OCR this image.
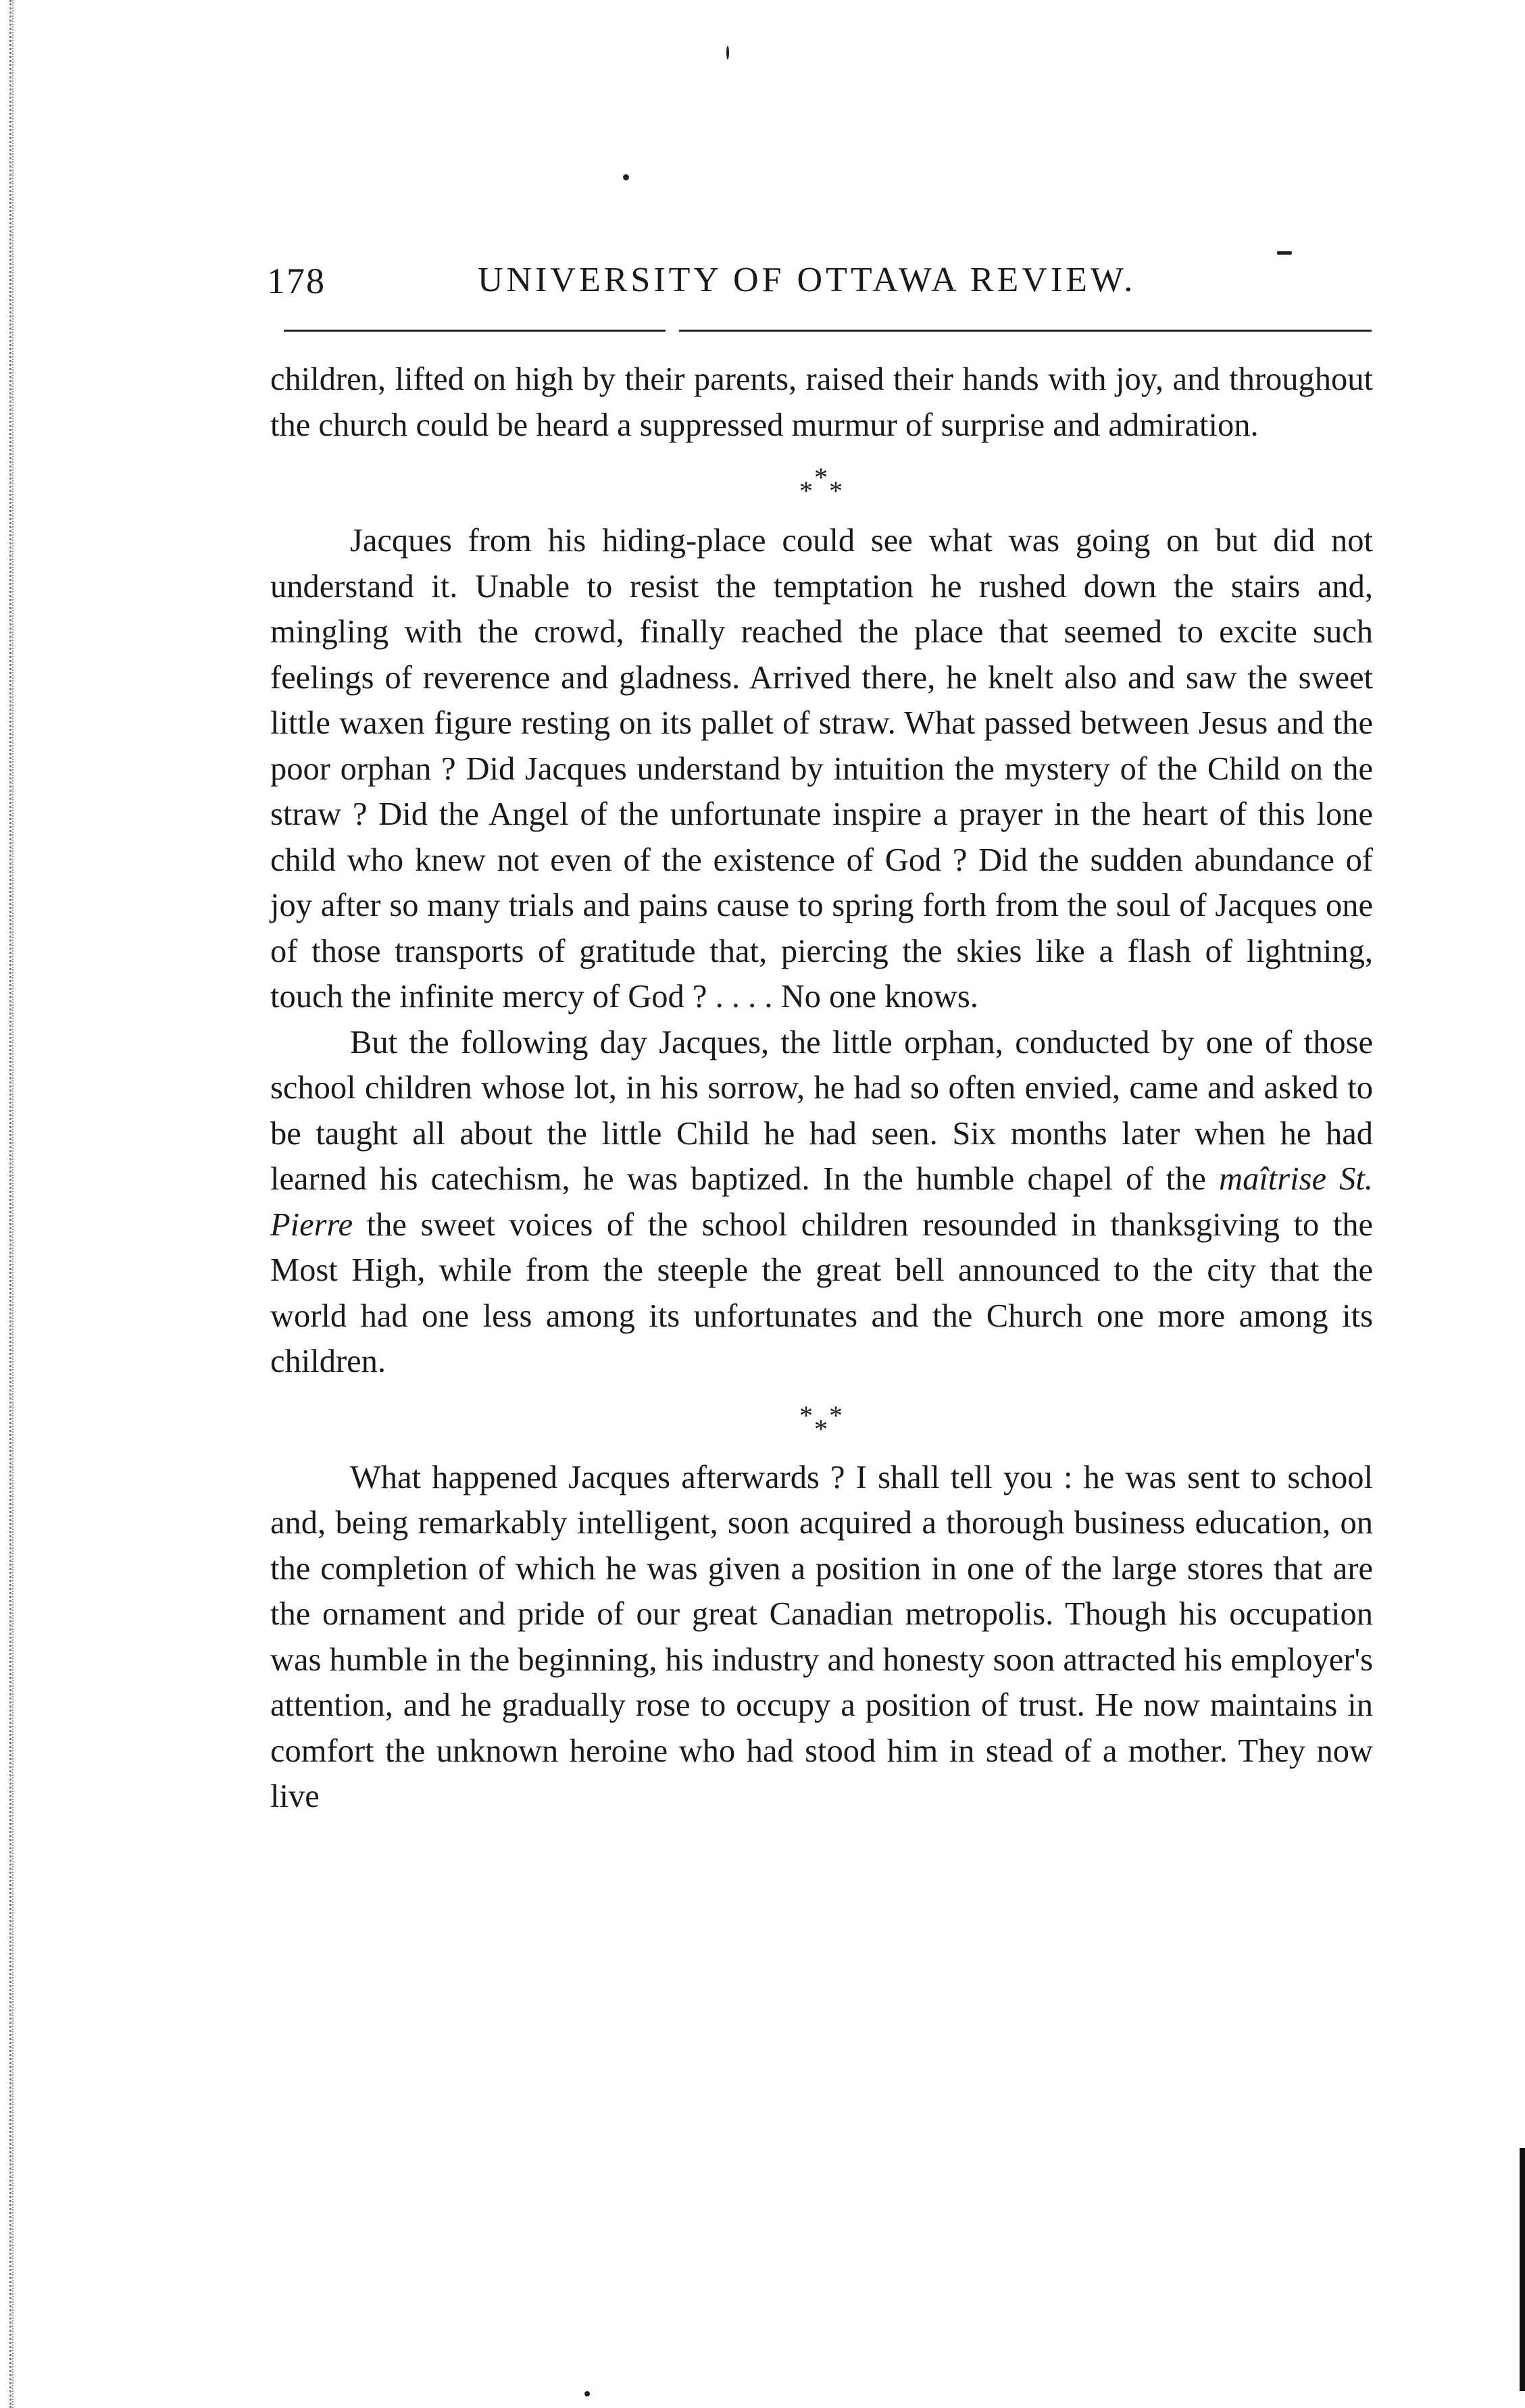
178	UNIVERSITY OF OTTAWA REVIEW.

children, lifted on high by their parents, raised their hands with joy, and throughout the church could be heard a suppressed murmur of surprise and admiration.

*
* *

Jacques from his hiding-place could see what was going on but did not understand it. Unable to resist the temptation he rushed down the stairs and, mingling with the crowd, finally reached the place that seemed to excite such feelings of reverence and gladness. Arrived there, he knelt also and saw the sweet little waxen figure resting on its pallet of straw. What passed between Jesus and the poor orphan ? Did Jacques understand by intuition the mystery of the Child on the straw ? Did the Angel of the unfortunate inspire a prayer in the heart of this lone child who knew not even of the existence of God ? Did the sudden abundance of joy after so many trials and pains cause to spring forth from the soul of Jacques one of those transports of gratitude that, piercing the skies like a flash of lightning, touch the infinite mercy of God ? . . . . No one knows.

But the following day Jacques, the little orphan, conducted by one of those school children whose lot, in his sorrow, he had so often envied, came and asked to be taught all about the little Child he had seen. Six months later when he had learned his catechism, he was baptized. In the humble chapel of the maîtrise St. Pierre the sweet voices of the school children resounded in thanksgiving to the Most High, while from the steeple the great bell announced to the city that the world had one less among its unfortunates and the Church one more among its children.

* *
*

What happened Jacques afterwards ? I shall tell you : he was sent to school and, being remarkably intelligent, soon acquired a thorough business education, on the completion of which he was given a position in one of the large stores that are the ornament and pride of our great Canadian metropolis. Though his occupation was humble in the beginning, his industry and honesty soon attracted his employer's attention, and he gradually rose to occupy a position of trust. He now maintains in comfort the unknown heroine who had stood him in stead of a mother. They now live
